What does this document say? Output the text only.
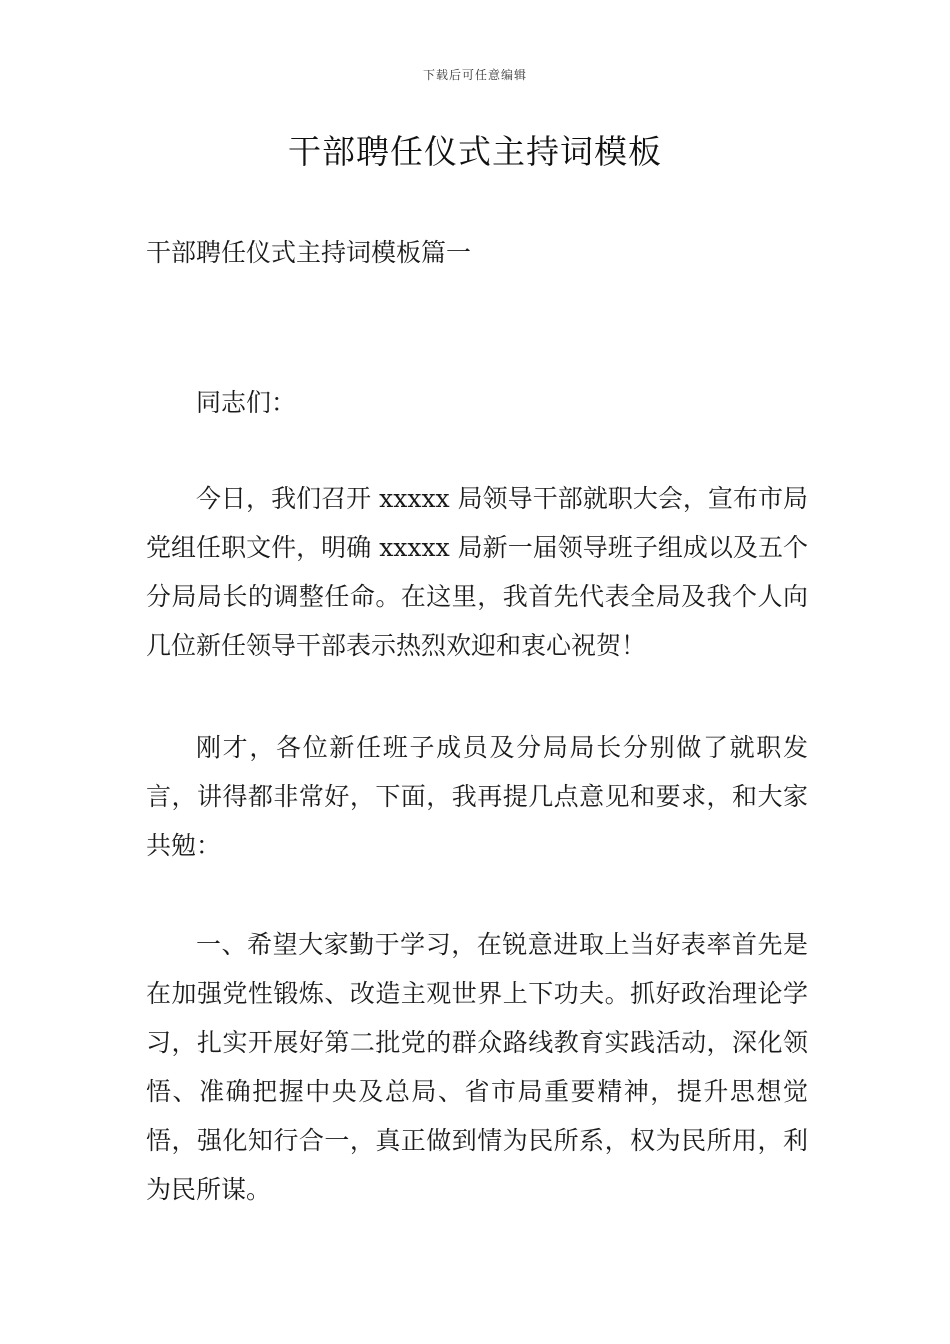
下载后可任意编辑
干部聘任仪式主持词模板

干部聘任仪式主持词模板篇一

同志们：

今日，我们召开 xxxxx 局领导干部就职大会，宣布市局党组任职文件，明确 xxxxx 局新一届领导班子组成以及五个分局局长的调整任命。在这里，我首先代表全局及我个人向几位新任领导干部表示热烈欢迎和衷心祝贺！

刚才，各位新任班子成员及分局局长分别做了就职发言，讲得都非常好，下面，我再提几点意见和要求，和大家共勉：

一、希望大家勤于学习，在锐意进取上当好表率首先是在加强党性锻炼、改造主观世界上下功夫。抓好政治理论学习，扎实开展好第二批党的群众路线教育实践活动，深化领悟、准确把握中央及总局、省市局重要精神，提升思想觉悟，强化知行合一，真正做到情为民所系，权为民所用，利为民所谋。
